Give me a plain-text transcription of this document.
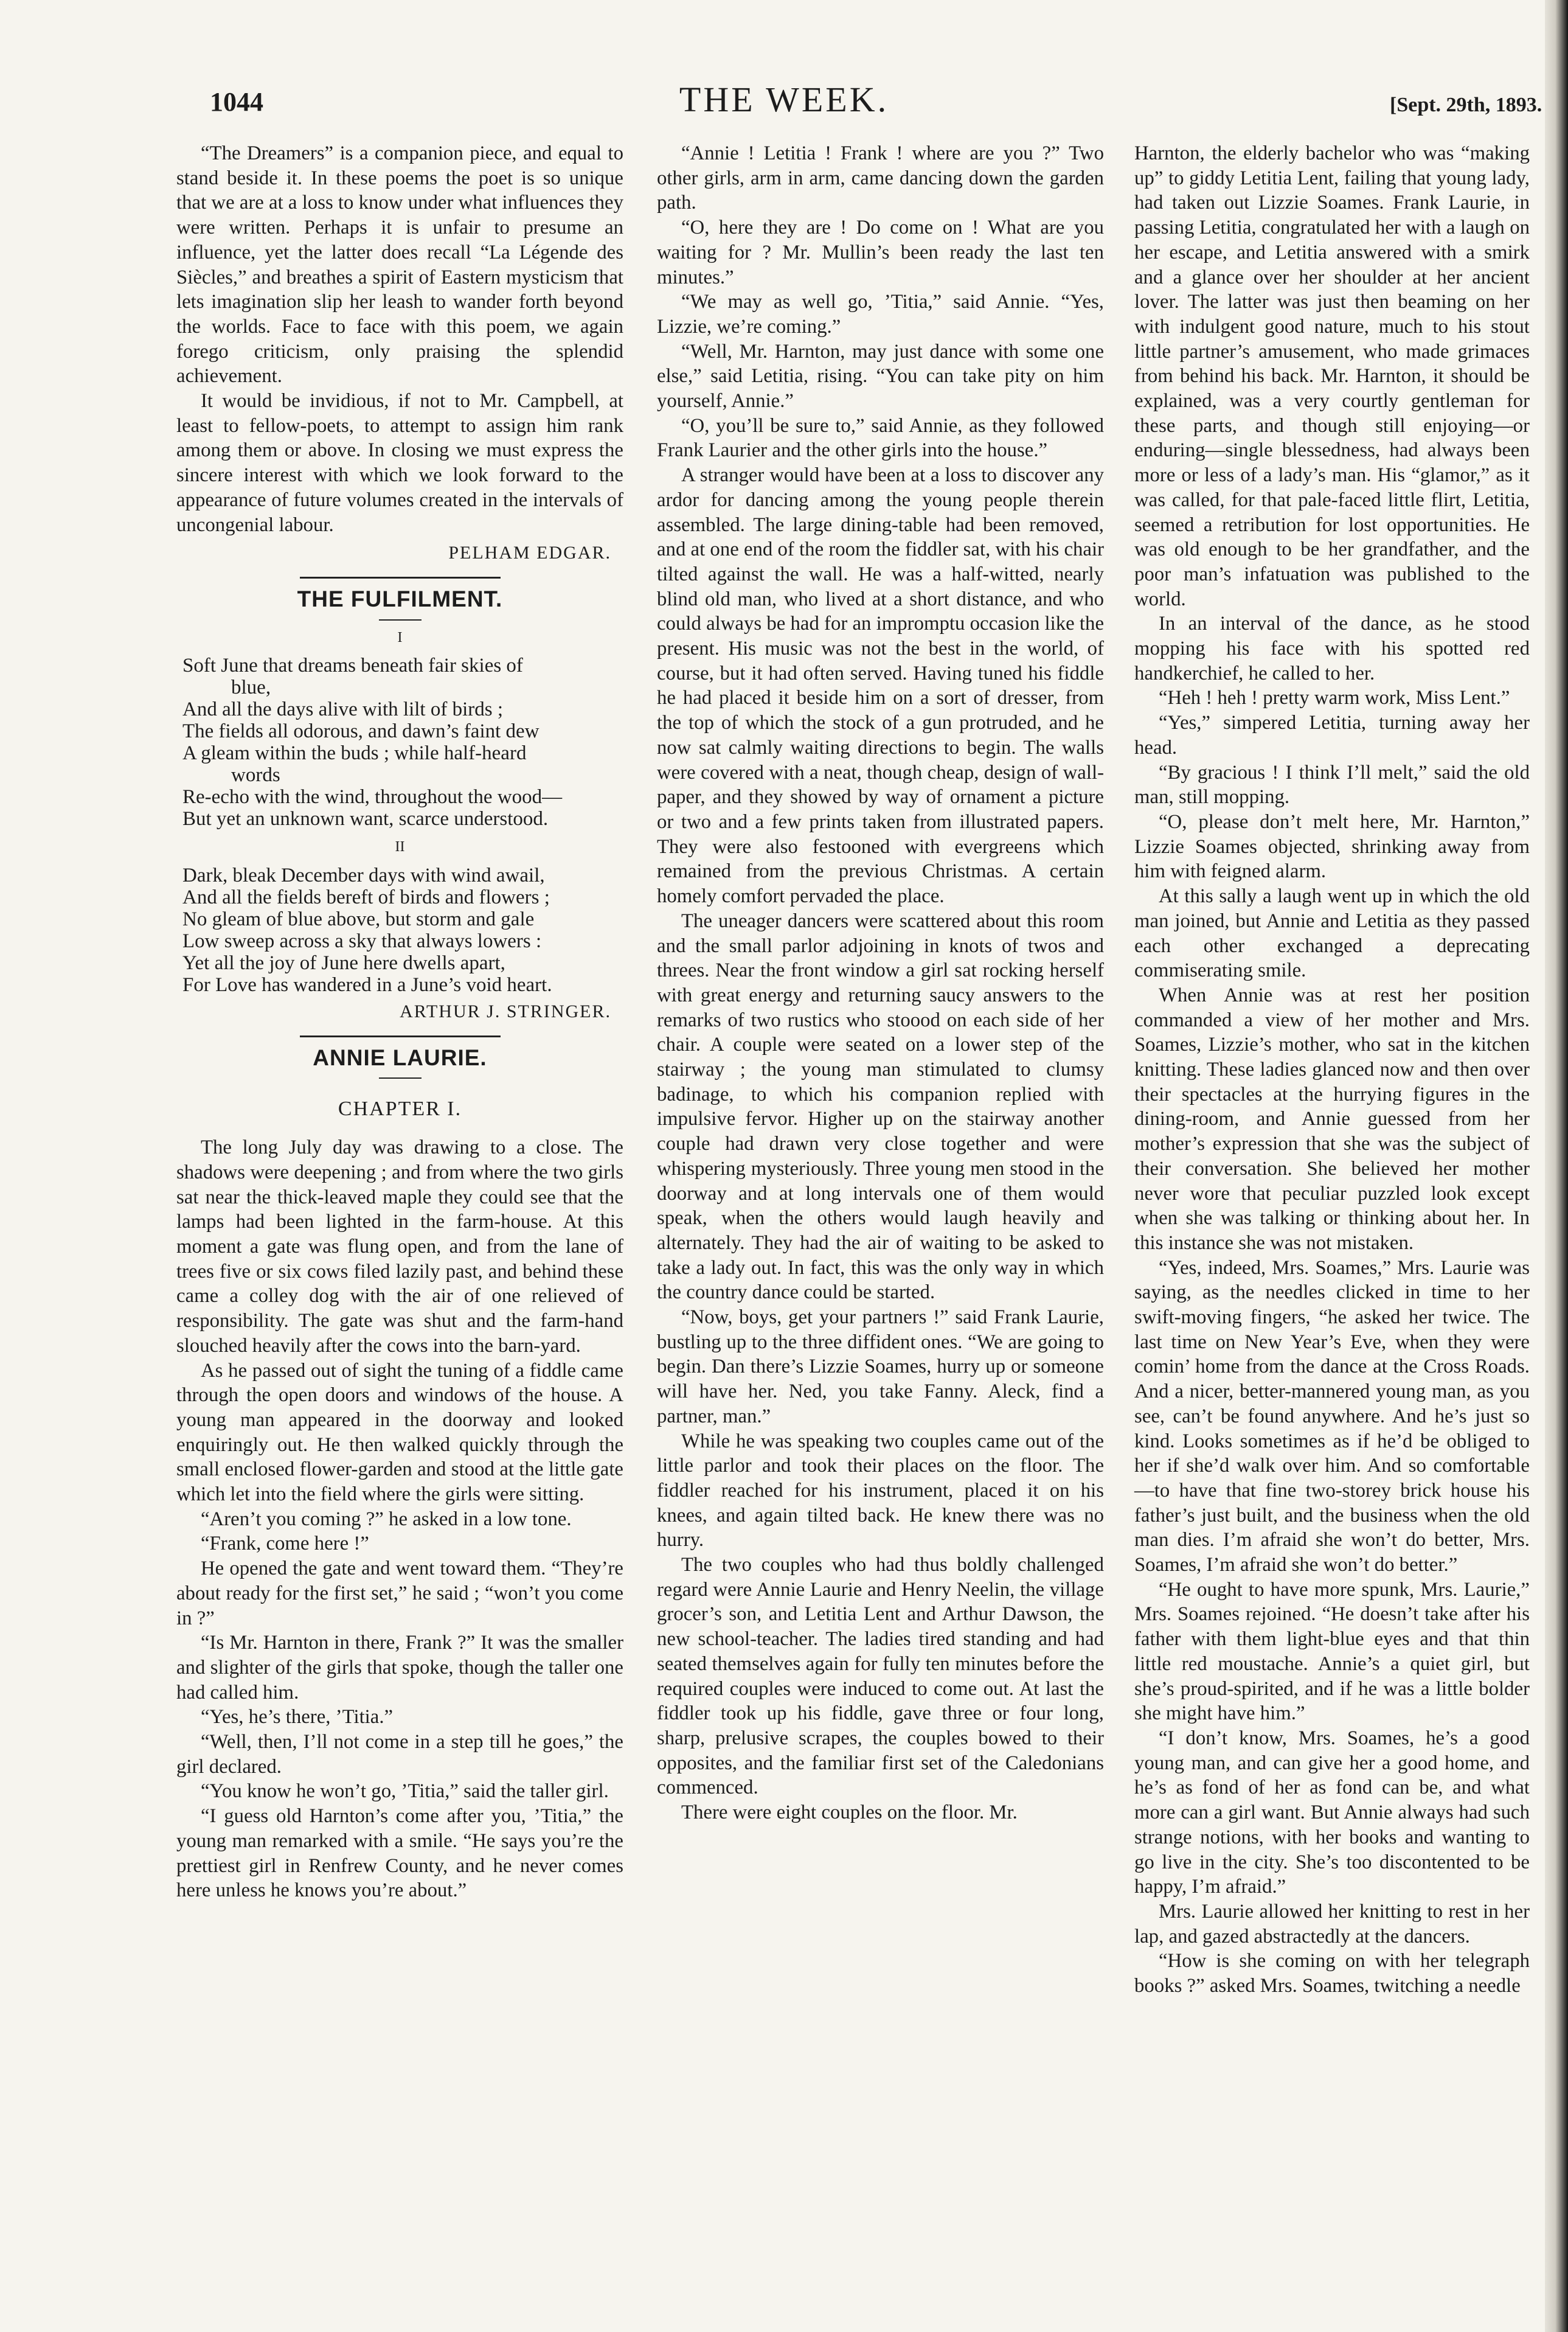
1044	THE WEEK.	[Sept. 29th, 1893.

“The Dreamers” is a companion piece, and equal to stand beside it. In these poems the poet is so unique that we are at a loss to know under what influences they were written. Perhaps it is unfair to presume an influence, yet the latter does recall “La Légende des Siècles,” and breathes a spirit of Eastern mysticism that lets imagination slip her leash to wander forth beyond the worlds. Face to face with this poem, we again forego criticism, only praising the splendid achievement.

It would be invidious, if not to Mr. Campbell, at least to fellow-poets, to attempt to assign him rank among them or above. In closing we must express the sincere interest with which we look forward to the appearance of future volumes created in the intervals of uncongenial labour.

PELHAM EDGAR.
THE FULFILMENT.
I
Soft June that dreams beneath fair skies of
blue,
And all the days alive with lilt of birds ;
The fields all odorous, and dawn’s faint dew
A gleam within the buds ; while half-heard
words
Re-echo with the wind, throughout the wood—
But yet an unknown want, scarce understood.
II
Dark, bleak December days with wind awail,
And all the fields bereft of birds and flowers ;
No gleam of blue above, but storm and gale
Low sweep across a sky that always lowers :
Yet all the joy of June here dwells apart,
For Love has wandered in a June’s void heart.
ARTHUR J. STRINGER.
ANNIE LAURIE.
CHAPTER I.

The long July day was drawing to a close. The shadows were deepening ; and from where the two girls sat near the thick-leaved maple they could see that the lamps had been lighted in the farm-house. At this moment a gate was flung open, and from the lane of trees five or six cows filed lazily past, and behind these came a colley dog with the air of one relieved of responsibility. The gate was shut and the farm-hand slouched heavily after the cows into the barn-yard.

As he passed out of sight the tuning of a fiddle came through the open doors and windows of the house. A young man appeared in the doorway and looked enquiringly out. He then walked quickly through the small enclosed flower-garden and stood at the little gate which let into the field where the girls were sitting.

“Aren’t you coming ?” he asked in a low tone.

“Frank, come here !”

He opened the gate and went toward them. “They’re about ready for the first set,” he said ; “won’t you come in ?”

“Is Mr. Harnton in there, Frank ?” It was the smaller and slighter of the girls that spoke, though the taller one had called him.

“Yes, he’s there, ’Titia.”

“Well, then, I’ll not come in a step till he goes,” the girl declared.

“You know he won’t go, ’Titia,” said the taller girl.

“I guess old Harnton’s come after you, ’Titia,” the young man remarked with a smile. “He says you’re the prettiest girl in Renfrew County, and he never comes here unless he knows you’re about.”

“Annie ! Letitia ! Frank ! where are you ?” Two other girls, arm in arm, came dancing down the garden path.

“O, here they are ! Do come on ! What are you waiting for ? Mr. Mullin’s been ready the last ten minutes.”

“We may as well go, ’Titia,” said Annie. “Yes, Lizzie, we’re coming.”

“Well, Mr. Harnton, may just dance with some one else,” said Letitia, rising. “You can take pity on him yourself, Annie.”

“O, you’ll be sure to,” said Annie, as they followed Frank Laurier and the other girls into the house.”

A stranger would have been at a loss to discover any ardor for dancing among the young people therein assembled. The large dining-table had been removed, and at one end of the room the fiddler sat, with his chair tilted against the wall. He was a half-witted, nearly blind old man, who lived at a short distance, and who could always be had for an impromptu occasion like the present. His music was not the best in the world, of course, but it had often served. Having tuned his fiddle he had placed it beside him on a sort of dresser, from the top of which the stock of a gun protruded, and he now sat calmly waiting directions to begin. The walls were covered with a neat, though cheap, design of wall-paper, and they showed by way of ornament a picture or two and a few prints taken from illustrated papers. They were also festooned with evergreens which remained from the previous Christmas. A certain homely comfort pervaded the place.

The uneager dancers were scattered about this room and the small parlor adjoining in knots of twos and threes. Near the front window a girl sat rocking herself with great energy and returning saucy answers to the remarks of two rustics who stoood on each side of her chair. A couple were seated on a lower step of the stairway ; the young man stimulated to clumsy badinage, to which his companion replied with impulsive fervor. Higher up on the stairway another couple had drawn very close together and were whispering mysteriously. Three young men stood in the doorway and at long intervals one of them would speak, when the others would laugh heavily and alternately. They had the air of waiting to be asked to take a lady out. In fact, this was the only way in which the country dance could be started.

“Now, boys, get your partners !” said Frank Laurie, bustling up to the three diffident ones. “We are going to begin. Dan there’s Lizzie Soames, hurry up or someone will have her. Ned, you take Fanny. Aleck, find a partner, man.”

While he was speaking two couples came out of the little parlor and took their places on the floor. The fiddler reached for his instrument, placed it on his knees, and again tilted back. He knew there was no hurry.

The two couples who had thus boldly challenged regard were Annie Laurie and Henry Neelin, the village grocer’s son, and Letitia Lent and Arthur Dawson, the new school-teacher. The ladies tired standing and had seated themselves again for fully ten minutes before the required couples were induced to come out. At last the fiddler took up his fiddle, gave three or four long, sharp, prelusive scrapes, the couples bowed to their opposites, and the familiar first set of the Caledonians commenced.

There were eight couples on the floor. Mr.

Harnton, the elderly bachelor who was “making up” to giddy Letitia Lent, failing that young lady, had taken out Lizzie Soames. Frank Laurie, in passing Letitia, congratulated her with a laugh on her escape, and Letitia answered with a smirk and a glance over her shoulder at her ancient lover. The latter was just then beaming on her with indulgent good nature, much to his stout little partner’s amusement, who made grimaces from behind his back. Mr. Harnton, it should be explained, was a very courtly gentleman for these parts, and though still enjoying—or enduring—single blessedness, had always been more or less of a lady’s man. His “glamor,” as it was called, for that pale-faced little flirt, Letitia, seemed a retribution for lost opportunities. He was old enough to be her grandfather, and the poor man’s infatuation was published to the world.

In an interval of the dance, as he stood mopping his face with his spotted red handkerchief, he called to her.

“Heh ! heh ! pretty warm work, Miss Lent.”

“Yes,” simpered Letitia, turning away her head.

“By gracious ! I think I’ll melt,” said the old man, still mopping.

“O, please don’t melt here, Mr. Harnton,” Lizzie Soames objected, shrinking away from him with feigned alarm.

At this sally a laugh went up in which the old man joined, but Annie and Letitia as they passed each other exchanged a deprecating commiserating smile.

When Annie was at rest her position commanded a view of her mother and Mrs. Soames, Lizzie’s mother, who sat in the kitchen knitting. These ladies glanced now and then over their spectacles at the hurrying figures in the dining-room, and Annie guessed from her mother’s expression that she was the subject of their conversation. She believed her mother never wore that peculiar puzzled look except when she was talking or thinking about her. In this instance she was not mistaken.

“Yes, indeed, Mrs. Soames,” Mrs. Laurie was saying, as the needles clicked in time to her swift-moving fingers, “he asked her twice. The last time on New Year’s Eve, when they were comin’ home from the dance at the Cross Roads. And a nicer, better-mannered young man, as you see, can’t be found anywhere. And he’s just so kind. Looks sometimes as if he’d be obliged to her if she’d walk over him. And so comfortable—to have that fine two-storey brick house his father’s just built, and the business when the old man dies. I’m afraid she won’t do better, Mrs. Soames, I’m afraid she won’t do better.”

“He ought to have more spunk, Mrs. Laurie,” Mrs. Soames rejoined. “He doesn’t take after his father with them light-blue eyes and that thin little red moustache. Annie’s a quiet girl, but she’s proud-spirited, and if he was a little bolder she might have him.”

“I don’t know, Mrs. Soames, he’s a good young man, and can give her a good home, and he’s as fond of her as fond can be, and what more can a girl want. But Annie always had such strange notions, with her books and wanting to go live in the city. She’s too discontented to be happy, I’m afraid.”

Mrs. Laurie allowed her knitting to rest in her lap, and gazed abstractedly at the dancers.

“How is she coming on with her telegraph books ?” asked Mrs. Soames, twitching a needle
